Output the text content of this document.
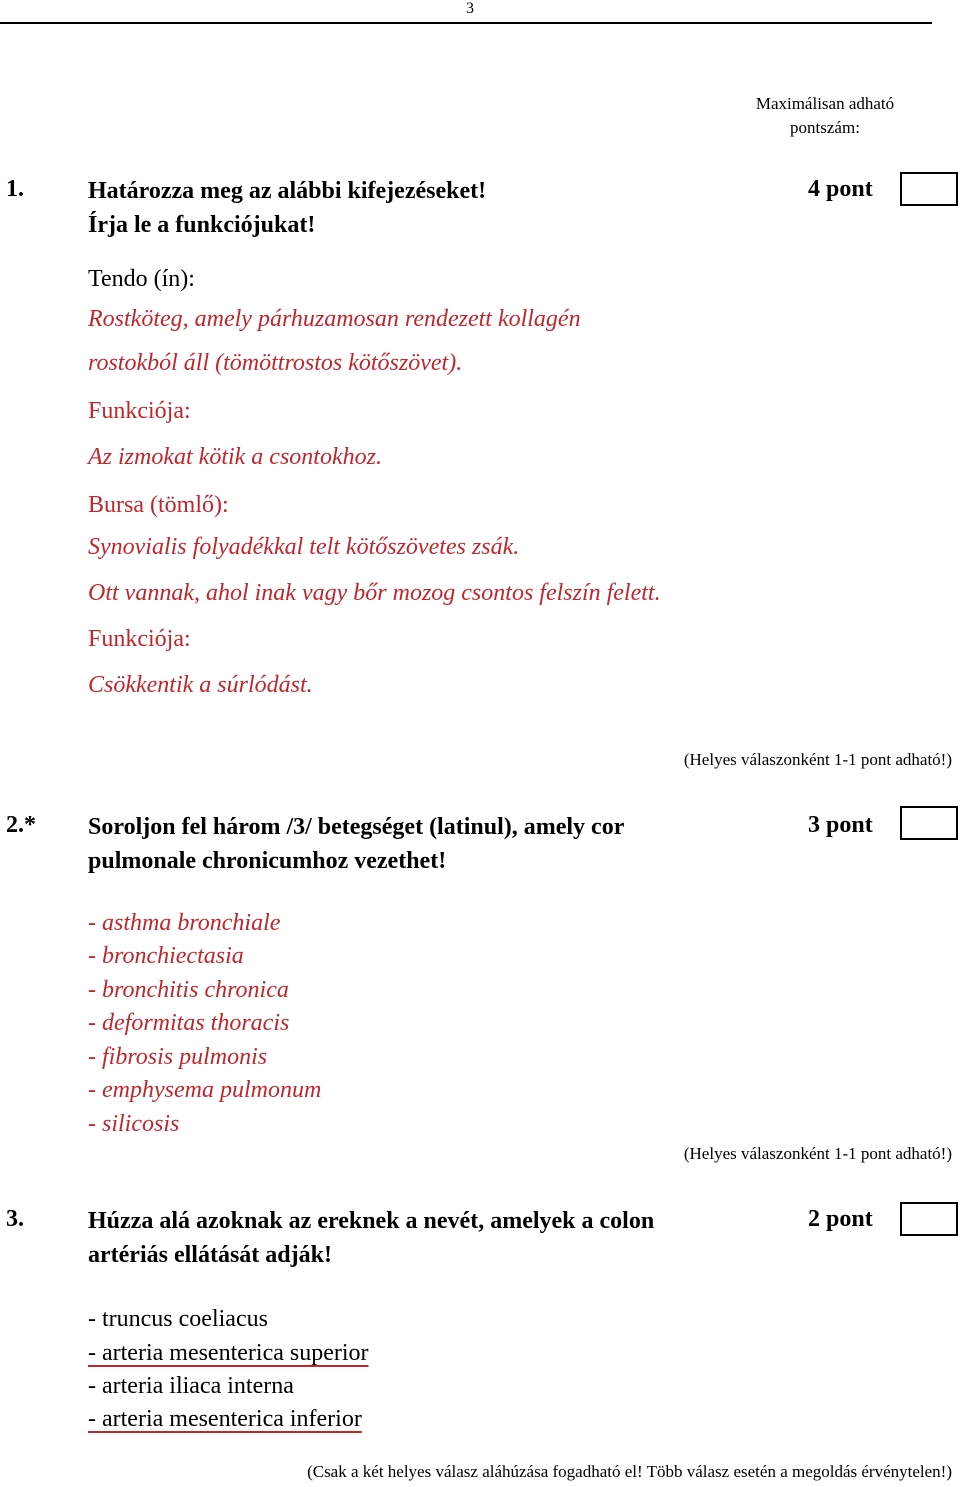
3
Maximálisan adható pontszám:
1.	Határozza meg az alábbi kifejezéseket!
Írja le a funkciójukat!
4 pont
Tendo (ín):
Rostköteg, amely párhuzamosan rendezett kollagén
rostokból áll (tömöttrostos kötőszövet).
Funkciója:
Az izmokat kötik a csontokhoz.
Bursa (tömlő):
Synovialis folyadékkal telt kötőszövetes zsák.
Ott vannak, ahol inak vagy bőr mozog csontos felszín felett.
Funkciója:
Csökkentik a súrlódást.
(Helyes válaszonként 1-1 pont adható!)
2.* Soroljon fel három /3/ betegséget (latinul), amely cor
pulmonale chronicumhoz vezethet!
3 pont
- asthma bronchiale
- bronchiectasia
- bronchitis chronica
- deformitas thoracis
- fibrosis pulmonis
- emphysema pulmonum
- silicosis
(Helyes válaszonként 1-1 pont adható!)
3.	Húzza alá azoknak az ereknek a nevét, amelyek a colon
artériás ellátását adják!
2 pont
- truncus coeliacus
- arteria mesenterica superior
- arteria iliaca interna
- arteria mesenterica inferior
(Csak a két helyes válasz aláhúzása fogadható el! Több válasz esetén a megoldás érvénytelen!)
